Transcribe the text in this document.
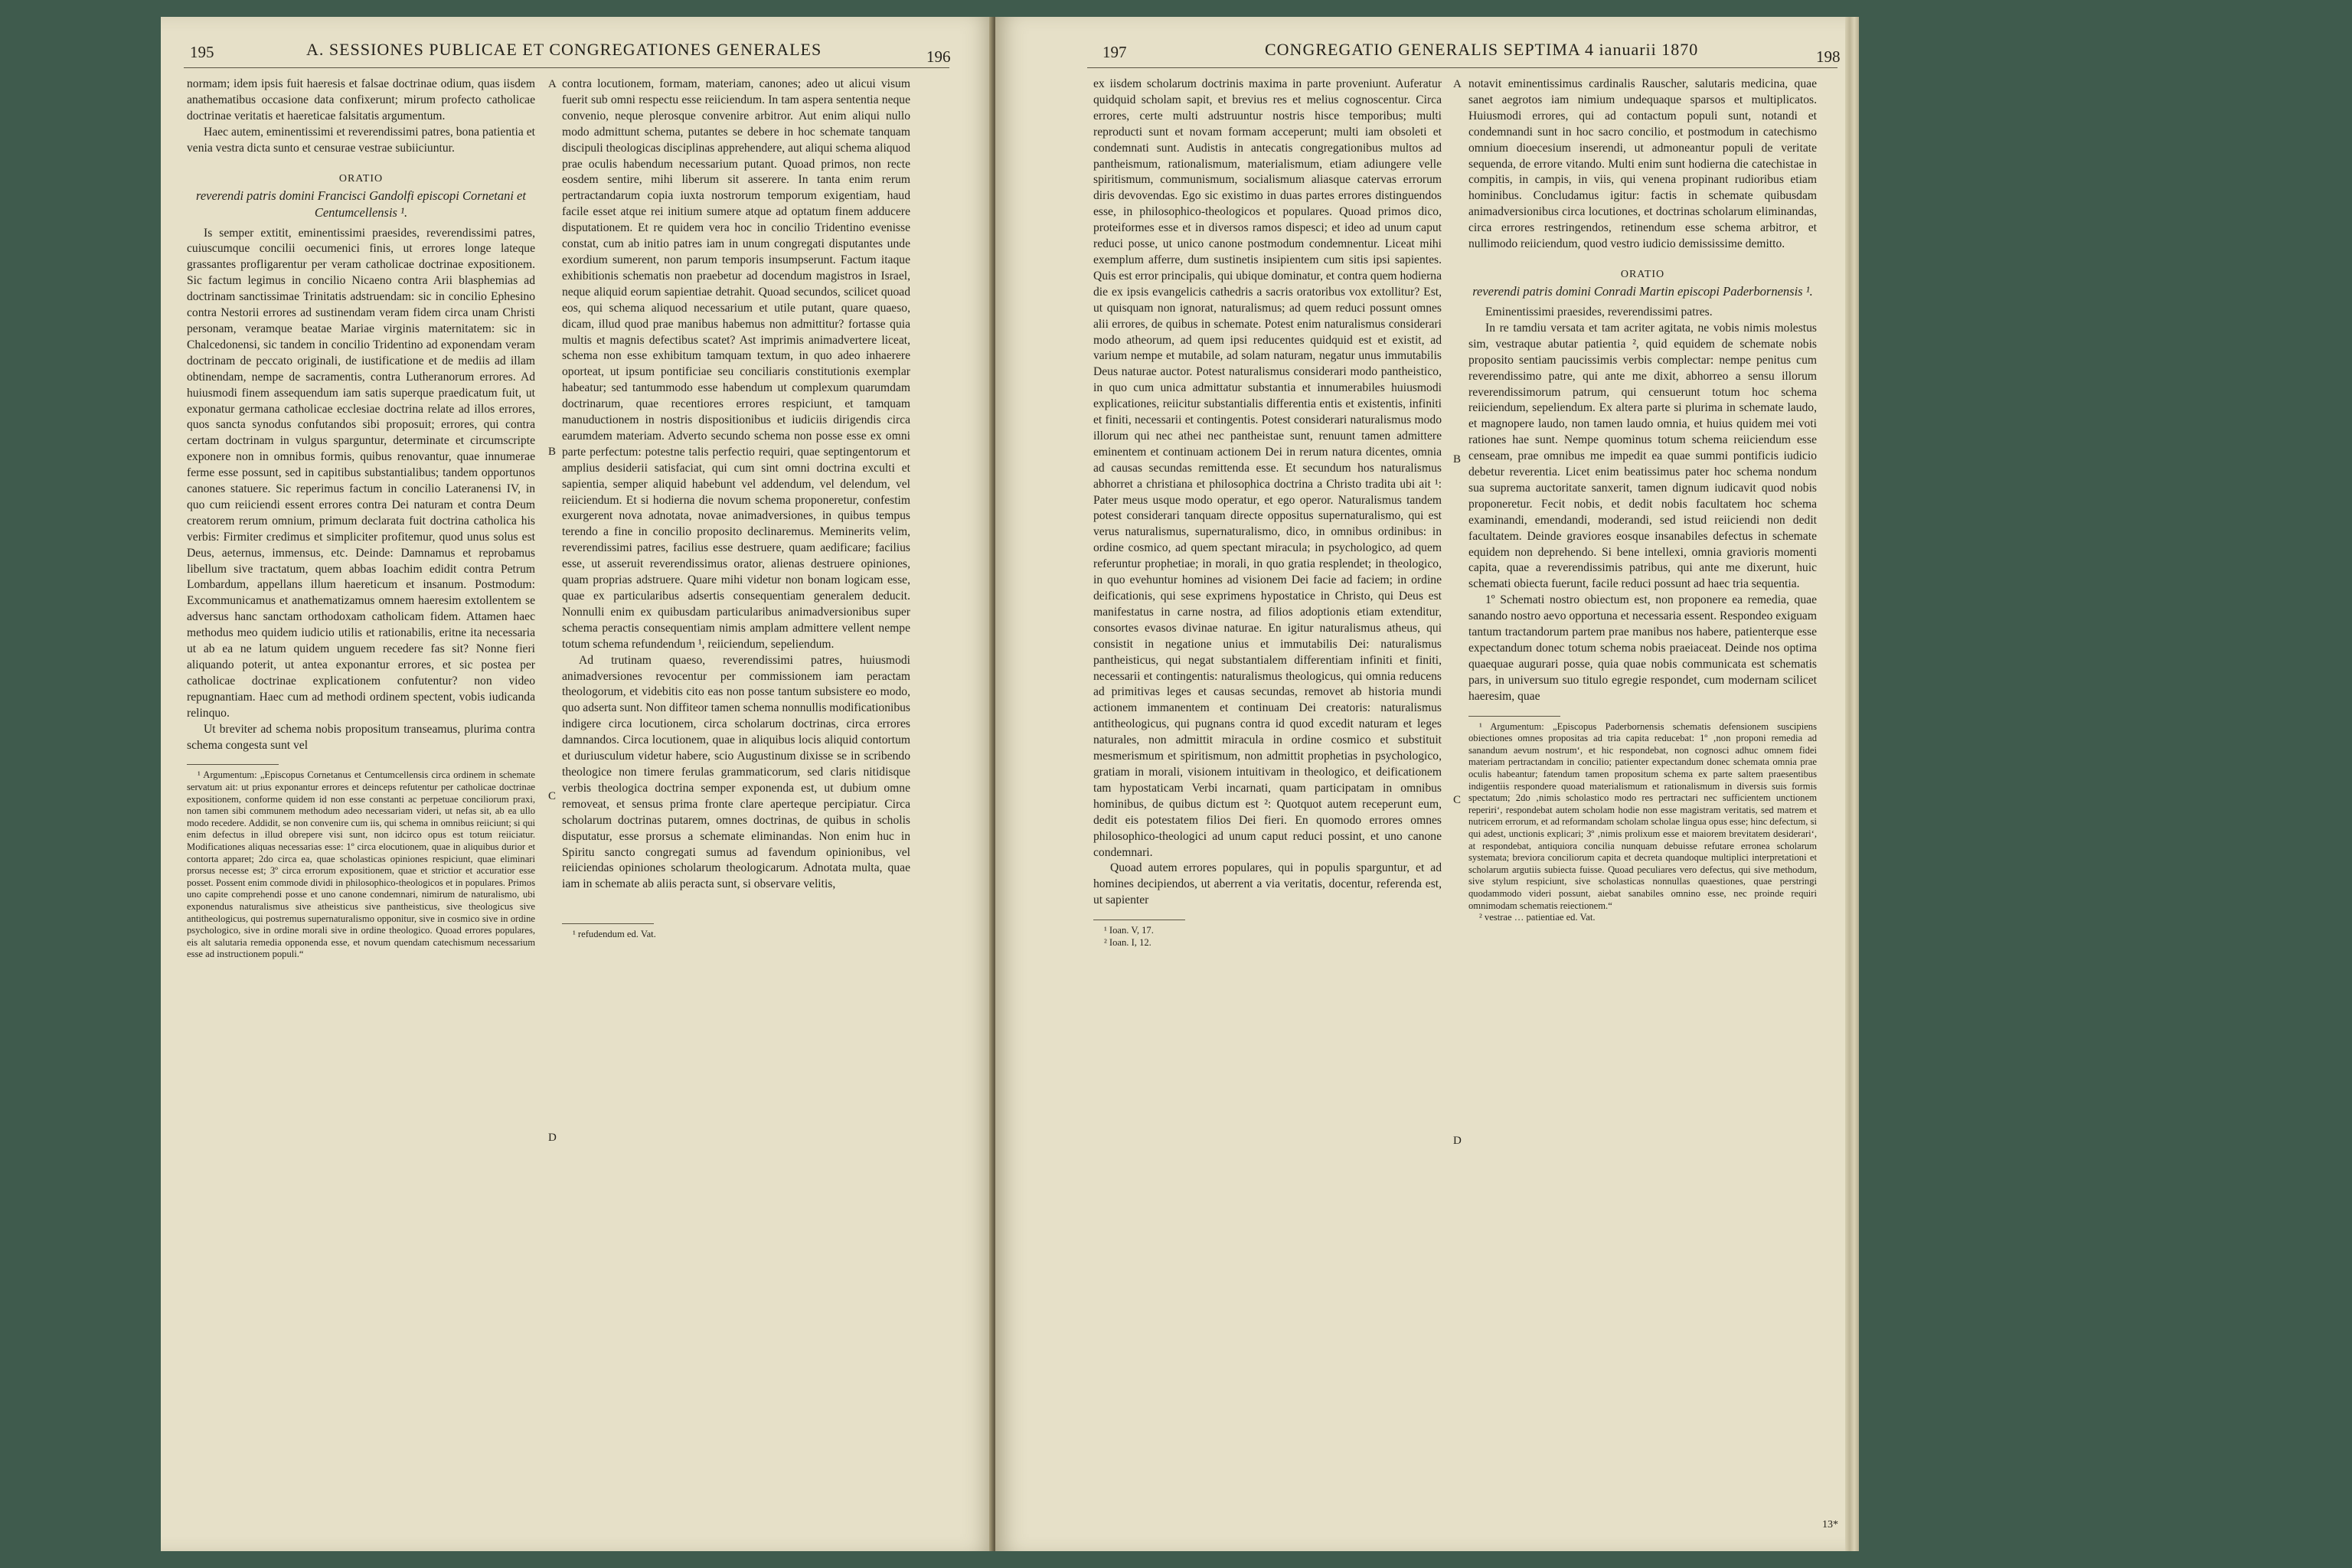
195	A. SESSIONES PUBLICAE ET CONGREGATIONES GENERALES	196

normam; idem ipsis fuit haeresis et falsae doctrinae odium, quas iisdem anathematibus occasione data confixerunt; mirum profecto catholicae doctrinae veritatis et haereticae falsitatis argumentum.

Haec autem, eminentissimi et reverendissimi patres, bona patientia et venia vestra dicta sunto et censurae vestrae subiiciuntur.

ORATIO
reverendi patris domini Francisci Gandolfi episcopi Cornetani et Centumcellensis ¹.

Is semper extitit, eminentissimi praesides, reverendissimi patres, cuiuscumque concilii oecumenici finis, ut errores longe lateque grassantes profligarentur per veram catholicae doctrinae expositionem. Sic factum legimus in concilio Nicaeno contra Arii blasphemias ad doctrinam sanctissimae Trinitatis adstruendam: sic in concilio Ephesino contra Nestorii errores ad sustinendam veram fidem circa unam Christi personam, veramque beatae Mariae virginis maternitatem: sic in Chalcedonensi, sic tandem in concilio Tridentino ad exponendam veram doctrinam de peccato originali, de iustificatione et de mediis ad illam obtinendam, nempe de sacramentis, contra Lutheranorum errores. Ad huiusmodi finem assequendum iam satis superque praedicatum fuit, ut exponatur germana catholicae ecclesiae doctrina relate ad illos errores, quos sancta synodus confutandos sibi proposuit; errores, qui contra certam doctrinam in vulgus sparguntur, determinate et circumscripte exponere non in omnibus formis, quibus renovantur, quae innumerae ferme esse possunt, sed in capitibus substantialibus; tandem opportunos canones statuere. Sic reperimus factum in concilio Lateranensi IV, in quo cum reiiciendi essent errores contra Dei naturam et contra Deum creatorem rerum omnium, primum declarata fuit doctrina catholica his verbis: Firmiter credimus et simpliciter profitemur, quod unus solus est Deus, aeternus, immensus, etc. Deinde: Damnamus et reprobamus libellum sive tractatum, quem abbas Ioachim edidit contra Petrum Lombardum, appellans illum haereticum et insanum. Postmodum: Excommunicamus et anathematizamus omnem haeresim extollentem se adversus hanc sanctam orthodoxam catholicam fidem. Attamen haec methodus meo quidem iudicio utilis et rationabilis, eritne ita necessaria ut ab ea ne latum quidem unguem recedere fas sit? Nonne fieri aliquando poterit, ut antea exponantur errores, et sic postea per catholicae doctrinae explicationem confutentur? non video repugnantiam. Haec cum ad methodi ordinem spectent, vobis iudicanda relinquo.

Ut breviter ad schema nobis propositum transeamus, plurima contra schema congesta sunt vel

¹ Argumentum: „Episcopus Cornetanus et Centumcellensis circa ordinem in schemate servatum ait: ut prius exponantur errores et deinceps refutentur per catholicae doctrinae expositionem, conforme quidem id non esse constanti ac perpetuae conciliorum praxi, non tamen sibi communem methodum adeo necessariam videri, ut nefas sit, ab ea ullo modo recedere. Addidit, se non convenire cum iis, qui schema in omnibus reiiciunt; si qui enim defectus in illud obrepere visi sunt, non idcirco opus est totum reiiciatur. Modificationes aliquas necessarias esse: 1º circa elocutionem, quae in aliquibus durior et contorta apparet; 2do circa ea, quae scholasticas opiniones respiciunt, quae eliminari prorsus necesse est; 3º circa errorum expositionem, quae et strictior et accuratior esse posset. Possent enim commode dividi in philosophico-theologicos et in populares. Primos uno capite comprehendi posse et uno canone condemnari, nimirum de naturalismo, ubi exponendus naturalismus sive atheisticus sive pantheisticus, sive theologicus sive antitheologicus, qui postremus supernaturalismo opponitur, sive in cosmico sive in ordine psychologico, sive in ordine morali sive in ordine theologico. Quoad errores populares, eis alt salutaria remedia opponenda esse, et novum quendam catechismum necessarium esse ad instructionem populi.“

A
B
C
D

contra locutionem, formam, materiam, canones; adeo ut alicui visum fuerit sub omni respectu esse reiiciendum. In tam aspera sententia neque convenio, neque plerosque convenire arbitror. Aut enim aliqui nullo modo admittunt schema, putantes se debere in hoc schemate tanquam discipuli theologicas disciplinas apprehendere, aut aliqui schema aliquod prae oculis habendum necessarium putant. Quoad primos, non recte eosdem sentire, mihi liberum sit asserere. In tanta enim rerum pertractandarum copia iuxta nostrorum temporum exigentiam, haud facile esset atque rei initium sumere atque ad optatum finem adducere disputationem. Et re quidem vera hoc in concilio Tridentino evenisse constat, cum ab initio patres iam in unum congregati disputantes unde exordium sumerent, non parum temporis insumpserunt. Factum itaque exhibitionis schematis non praebetur ad docendum magistros in Israel, neque aliquid eorum sapientiae detrahit. Quoad secundos, scilicet quoad eos, qui schema aliquod necessarium et utile putant, quare quaeso, dicam, illud quod prae manibus habemus non admittitur? fortasse quia multis et magnis defectibus scatet? Ast imprimis animadvertere liceat, schema non esse exhibitum tamquam textum, in quo adeo inhaerere oporteat, ut ipsum pontificiae seu conciliaris constitutionis exemplar habeatur; sed tantummodo esse habendum ut complexum quarumdam doctrinarum, quae recentiores errores respiciunt, et tamquam manuductionem in nostris dispositionibus et iudiciis dirigendis circa earumdem materiam. Adverto secundo schema non posse esse ex omni parte perfectum: potestne talis perfectio requiri, quae septingentorum et amplius desiderii satisfaciat, qui cum sint omni doctrina exculti et sapientia, semper aliquid habebunt vel addendum, vel delendum, vel reiiciendum. Et si hodierna die novum schema proponeretur, confestim exurgerent nova adnotata, novae animadversiones, in quibus tempus terendo a fine in concilio proposito declinaremus. Meminerits velim, reverendissimi patres, facilius esse destruere, quam aedificare; facilius esse, ut asseruit reverendissimus orator, alienas destruere opiniones, quam proprias adstruere. Quare mihi videtur non bonam logicam esse, quae ex particularibus adsertis consequentiam generalem deducit. Nonnulli enim ex quibusdam particularibus animadversionibus super schema peractis consequentiam nimis amplam admittere vellent nempe totum schema refundendum ¹, reiiciendum, sepeliendum.

Ad trutinam quaeso, reverendissimi patres, huiusmodi animadversiones revocentur per commissionem iam peractam theologorum, et videbitis cito eas non posse tantum subsistere eo modo, quo adserta sunt. Non diffiteor tamen schema nonnullis modificationibus indigere circa locutionem, circa scholarum doctrinas, circa errores damnandos. Circa locutionem, quae in aliquibus locis aliquid contortum et duriusculum videtur habere, scio Augustinum dixisse se in scribendo theologice non timere ferulas grammaticorum, sed claris nitidisque verbis theologica doctrina semper exponenda est, ut dubium omne removeat, et sensus prima fronte clare aperteque percipiatur. Circa scholarum doctrinas putarem, omnes doctrinas, de quibus in scholis disputatur, esse prorsus a schemate eliminandas. Non enim huc in Spiritu sancto congregati sumus ad favendum opinionibus, vel reiiciendas opiniones scholarum theologicarum. Adnotata multa, quae iam in schemate ab aliis peracta sunt, si observare velitis,

¹ refudendum ed. Vat.

197	CONGREGATIO GENERALIS SEPTIMA 4 ianuarii 1870	198

ex iisdem scholarum doctrinis maxima in parte proveniunt. Auferatur quidquid scholam sapit, et brevius res et melius cognoscentur. Circa errores, certe multi adstruuntur nostris hisce temporibus; multi reproducti sunt et novam formam acceperunt; multi iam obsoleti et condemnati sunt. Audistis in antecatis congregationibus multos ad pantheismum, rationalismum, materialismum, etiam adiungere velle spiritismum, communismum, socialismum aliasque catervas errorum diris devovendas. Ego sic existimo in duas partes errores distinguendos esse, in philosophico-theologicos et populares. Quoad primos dico, proteiformes esse et in diversos ramos dispesci; et ideo ad unum caput reduci posse, ut unico canone postmodum condemnentur. Liceat mihi exemplum afferre, dum sustinetis insipientem cum sitis ipsi sapientes. Quis est error principalis, qui ubique dominatur, et contra quem hodierna die ex ipsis evangelicis cathedris a sacris oratoribus vox extollitur? Est, ut quisquam non ignorat, naturalismus; ad quem reduci possunt omnes alii errores, de quibus in schemate. Potest enim naturalismus considerari modo atheorum, ad quem ipsi reducentes quidquid est et existit, ad varium nempe et mutabile, ad solam naturam, negatur unus immutabilis Deus naturae auctor. Potest naturalismus considerari modo pantheistico, in quo cum unica admittatur substantia et innumerabiles huiusmodi explicationes, reiicitur substantialis differentia entis et existentis, infiniti et finiti, necessarii et contingentis. Potest considerari naturalismus modo illorum qui nec athei nec pantheistae sunt, renuunt tamen admittere eminentem et continuam actionem Dei in rerum natura dicentes, omnia ad causas secundas remittenda esse. Et secundum hos naturalismus abhorret a christiana et philosophica doctrina a Christo tradita ubi ait ¹: Pater meus usque modo operatur, et ego operor. Naturalismus tandem potest considerari tanquam directe oppositus supernaturalismo, qui est verus naturalismus, supernaturalismo, dico, in omnibus ordinibus: in ordine cosmico, ad quem spectant miracula; in psychologico, ad quem referuntur prophetiae; in morali, in quo gratia resplendet; in theologico, in quo evehuntur homines ad visionem Dei facie ad faciem; in ordine deificationis, qui sese exprimens hypostatice in Christo, qui Deus est manifestatus in carne nostra, ad filios adoptionis etiam extenditur, consortes evasos divinae naturae. En igitur naturalismus atheus, qui consistit in negatione unius et immutabilis Dei: naturalismus pantheisticus, qui negat substantialem differentiam infiniti et finiti, necessarii et contingentis: naturalismus theologicus, qui omnia reducens ad primitivas leges et causas secundas, removet ab historia mundi actionem immanentem et continuam Dei creatoris: naturalismus antitheologicus, qui pugnans contra id quod excedit naturam et leges naturales, non admittit miracula in ordine cosmico et substituit mesmerismum et spiritismum, non admittit prophetias in psychologico, gratiam in morali, visionem intuitivam in theologico, et deificationem tam hypostaticam Verbi incarnati, quam participatam in omnibus hominibus, de quibus dictum est ²: Quotquot autem receperunt eum, dedit eis potestatem filios Dei fieri. En quomodo errores omnes philosophico-theologici ad unum caput reduci possint, et uno canone condemnari.

Quoad autem errores populares, qui in populis sparguntur, et ad homines decipiendos, ut aberrent a via veritatis, docentur, referenda est, ut sapienter

¹ Ioan. V, 17.

² Ioan. I, 12.

A
B
C
D

notavit eminentissimus cardinalis Rauscher, salutaris medicina, quae sanet aegrotos iam nimium undequaque sparsos et multiplicatos. Huiusmodi errores, qui ad contactum populi sunt, notandi et condemnandi sunt in hoc sacro concilio, et postmodum in catechismo omnium dioecesium inserendi, ut admoneantur populi de veritate sequenda, de errore vitando. Multi enim sunt hodierna die catechistae in compitis, in campis, in viis, qui venena propinant rudioribus etiam hominibus. Concludamus igitur: factis in schemate quibusdam animadversionibus circa locutiones, et doctrinas scholarum eliminandas, circa errores restringendos, retinendum esse schema arbitror, et nullimodo reiiciendum, quod vestro iudicio demississime demitto.

ORATIO
reverendi patris domini Conradi Martin episcopi Paderbornensis ¹.

Eminentissimi praesides, reverendissimi patres.

In re tamdiu versata et tam acriter agitata, ne vobis nimis molestus sim, vestraque abutar patientia ², quid equidem de schemate nobis proposito sentiam paucissimis verbis complectar: nempe penitus cum reverendissimo patre, qui ante me dixit, abhorreo a sensu illorum reverendissimorum patrum, qui censuerunt totum hoc schema reiiciendum, sepeliendum. Ex altera parte si plurima in schemate laudo, et magnopere laudo, non tamen laudo omnia, et huius quidem mei voti rationes hae sunt. Nempe quominus totum schema reiiciendum esse censeam, prae omnibus me impedit ea quae summi pontificis iudicio debetur reverentia. Licet enim beatissimus pater hoc schema nondum sua suprema auctoritate sanxerit, tamen dignum iudicavit quod nobis proponeretur. Fecit nobis, et dedit nobis facultatem hoc schema examinandi, emendandi, moderandi, sed istud reiiciendi non dedit facultatem. Deinde graviores eosque insanabiles defectus in schemate equidem non deprehendo. Si bene intellexi, omnia gravioris momenti capita, quae a reverendissimis patribus, qui ante me dixerunt, huic schemati obiecta fuerunt, facile reduci possunt ad haec tria sequentia.

1º Schemati nostro obiectum est, non proponere ea remedia, quae sanando nostro aevo opportuna et necessaria essent. Respondeo exiguam tantum tractandorum partem prae manibus nos habere, patienterque esse expectandum donec totum schema nobis praeiaceat. Deinde nos optima quaequae augurari posse, quia quae nobis communicata est schematis pars, in universum suo titulo egregie respondet, cum modernam scilicet haeresim, quae

¹ Argumentum: „Episcopus Paderbornensis schematis defensionem suscipiens obiectiones omnes propositas ad tria capita reducebat: 1º ‚non proponi remedia ad sanandum aevum nostrum‘, et hic respondebat, non cognosci adhuc omnem fidei materiam pertractandam in concilio; patienter expectandum donec schemata omnia prae oculis habeantur; fatendum tamen propositum schema ex parte saltem praesentibus indigentiis respondere quoad materialismum et rationalismum in diversis suis formis spectatum; 2do ‚nimis scholastico modo res pertractari nec sufficientem unctionem reperiri‘, respondebat autem scholam hodie non esse magistram veritatis, sed matrem et nutricem errorum, et ad reformandam scholam scholae lingua opus esse; hinc defectum, si qui adest, unctionis explicari; 3º ‚nimis prolixum esse et maiorem brevitatem desiderari‘, at respondebat, antiquiora concilia nunquam debuisse refutare erronea scholarum systemata; breviora conciliorum capita et decreta quandoque multiplici interpretationi et scholarum argutiis subiecta fuisse. Quoad peculiares vero defectus, qui sive methodum, sive stylum respiciunt, sive scholasticas nonnullas quaestiones, quae perstringi quodammodo videri possunt, aiebat sanabiles omnino esse, nec proinde requiri omnimodam schematis reiectionem.“

² vestrae … patientiae ed. Vat.

13*
